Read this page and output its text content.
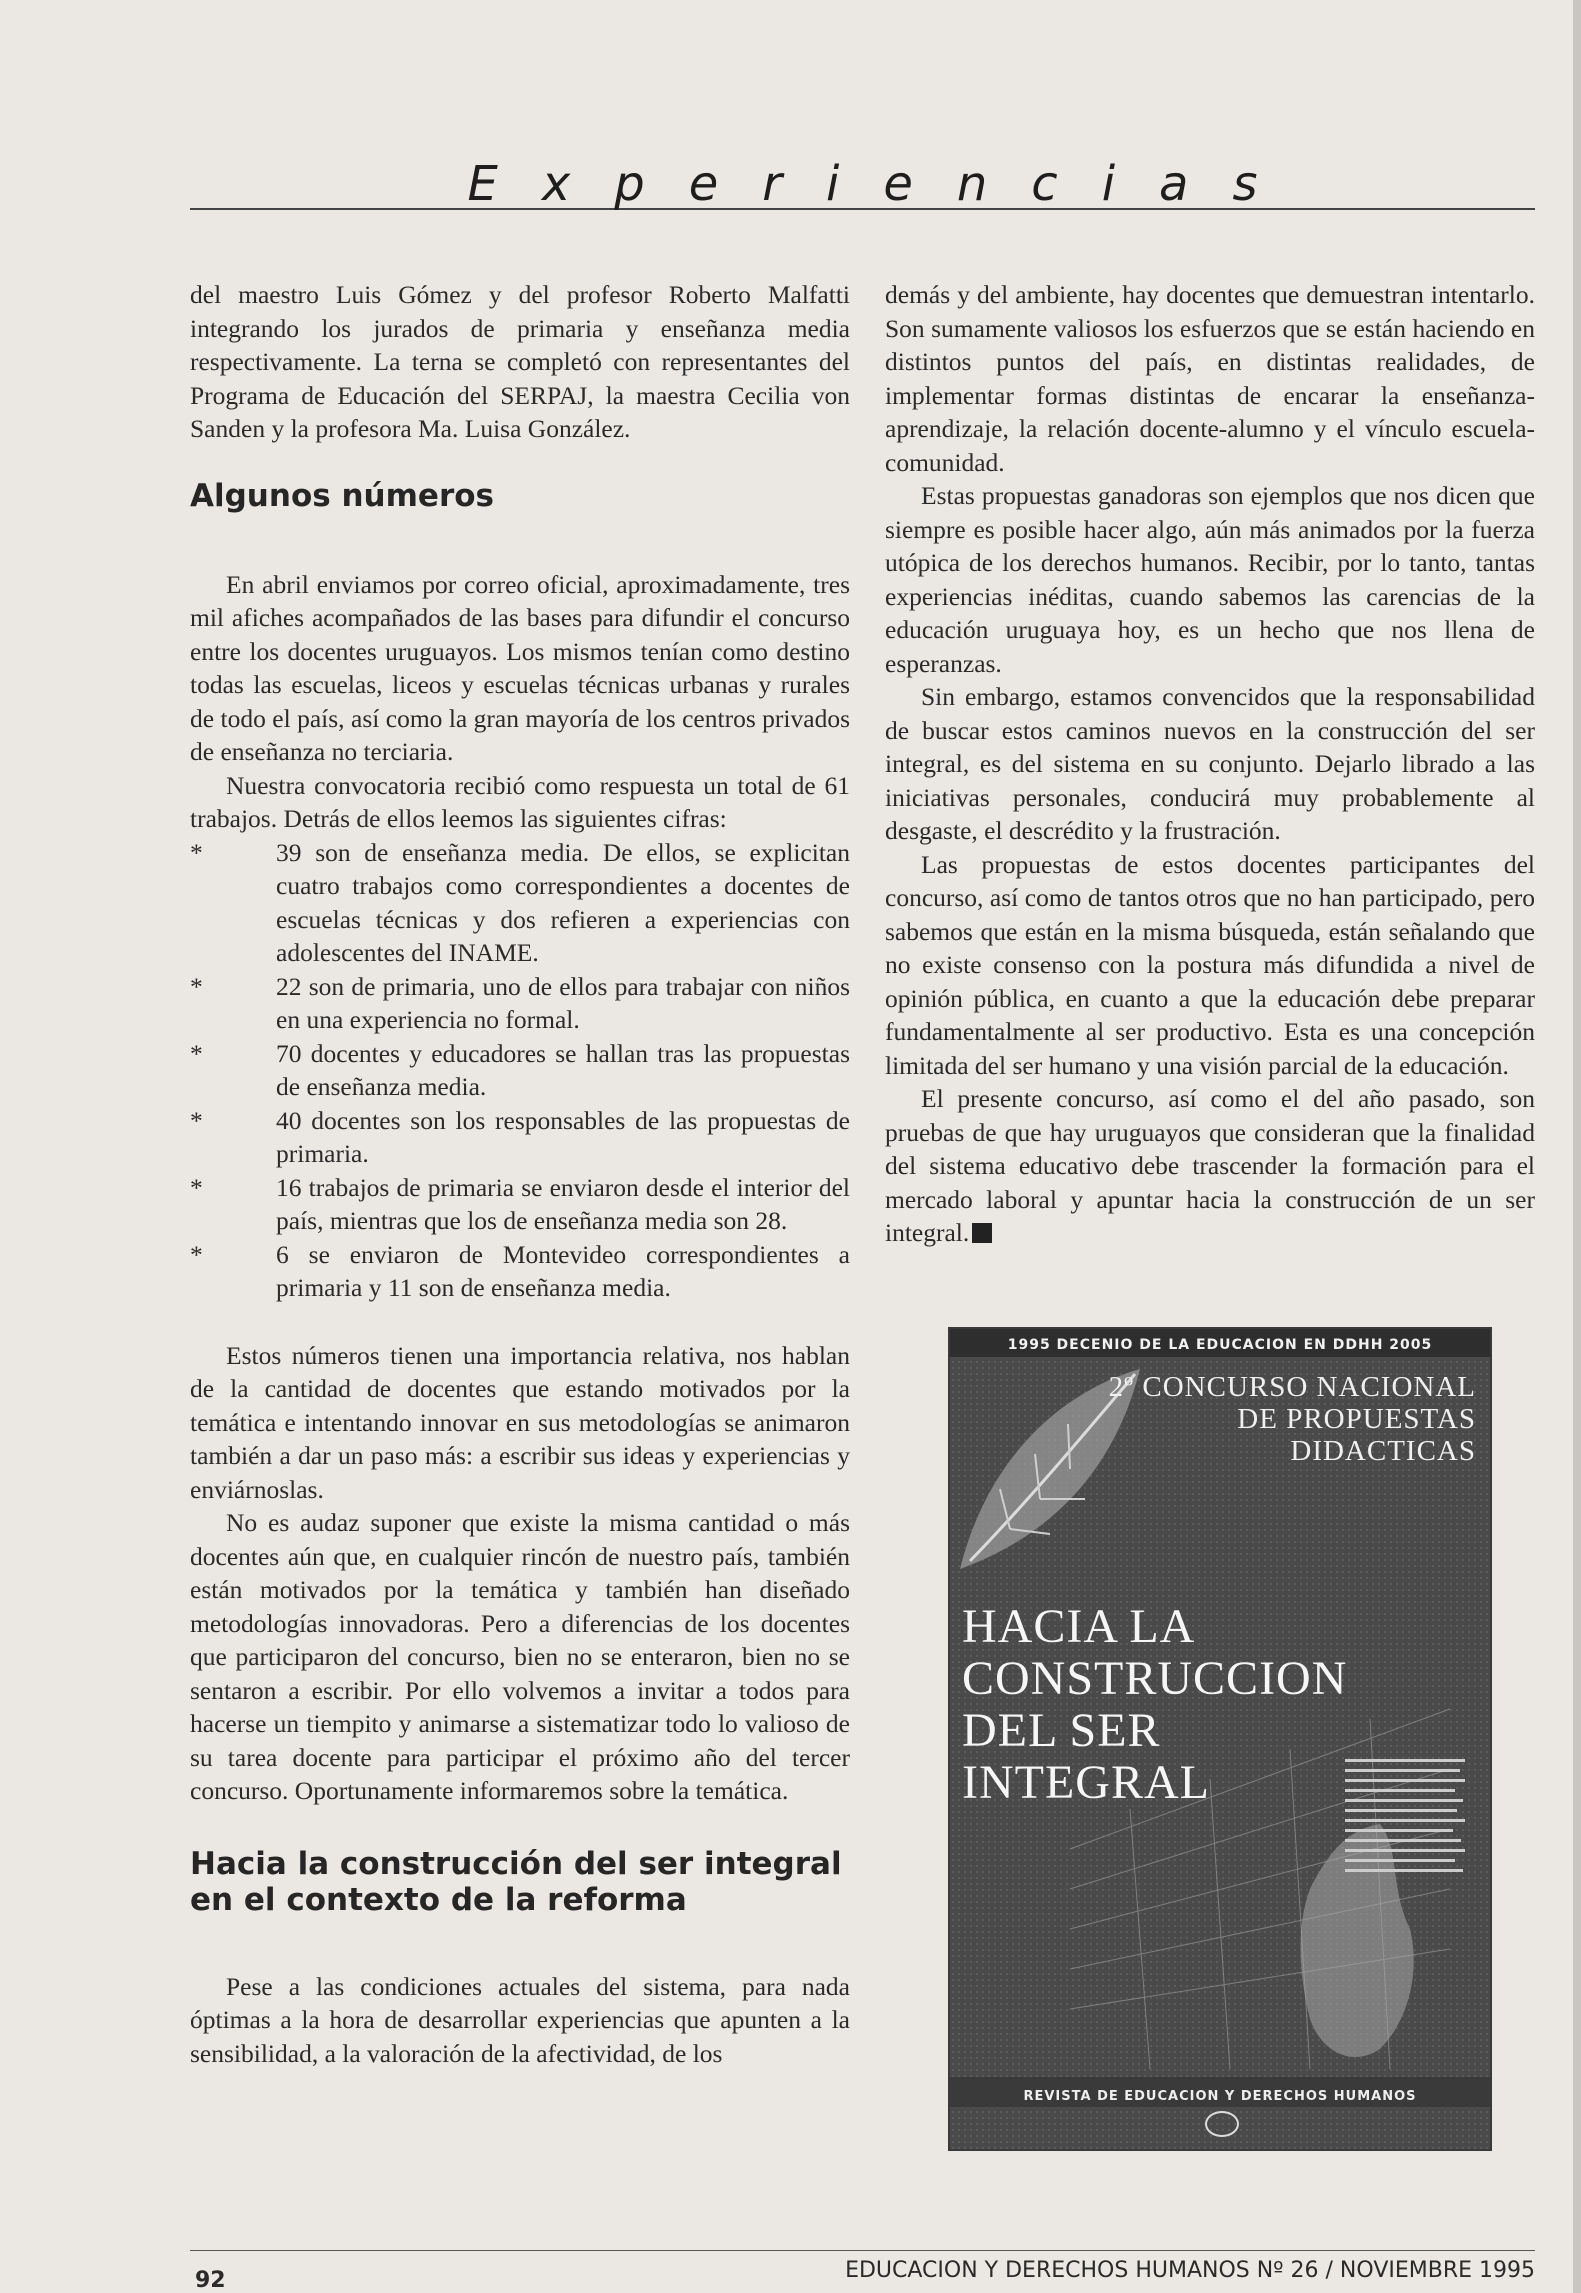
Experiencias

del maestro Luis Gómez y del profesor Roberto Malfatti integrando los jurados de primaria y enseñanza media respectivamente. La terna se completó con representantes del Programa de Educación del SERPAJ, la maestra Cecilia von Sanden y la profesora Ma. Luisa González.

Algunos números

En abril enviamos por correo oficial, aproximadamente, tres mil afiches acompañados de las bases para difundir el concurso entre los docentes uruguayos. Los mismos tenían como destino todas las escuelas, liceos y escuelas técnicas urbanas y rurales de todo el país, así como la gran mayoría de los centros privados de enseñanza no terciaria.

Nuestra convocatoria recibió como respuesta un total de 61 trabajos. Detrás de ellos leemos las siguientes cifras:

*	39 son de enseñanza media. De ellos, se explicitan cuatro trabajos como correspondientes a docentes de escuelas técnicas y dos refieren a experiencias con adolescentes del INAME.
*	22 son de primaria, uno de ellos para trabajar con niños en una experiencia no formal.
*	70 docentes y educadores se hallan tras las propuestas de enseñanza media.
*	40 docentes son los responsables de las propuestas de primaria.
*	16 trabajos de primaria se enviaron desde el interior del país, mientras que los de enseñanza media son 28.
*	6 se enviaron de Montevideo correspondientes a primaria y 11 son de enseñanza media.

Estos números tienen una importancia relativa, nos hablan de la cantidad de docentes que estando motivados por la temática e intentando innovar en sus metodologías se animaron también a dar un paso más: a escribir sus ideas y experiencias y enviárnoslas.

No es audaz suponer que existe la misma cantidad o más docentes aún que, en cualquier rincón de nuestro país, también están motivados por la temática y también han diseñado metodologías innovadoras. Pero a diferencias de los docentes que participaron del concurso, bien no se enteraron, bien no se sentaron a escribir. Por ello volvemos a invitar a todos para hacerse un tiempito y animarse a sistematizar todo lo valioso de su tarea docente para participar el próximo año del tercer concurso. Oportunamente informaremos sobre la temática.

Hacia la construcción del ser integral en el contexto de la reforma

Pese a las condiciones actuales del sistema, para nada óptimas a la hora de desarrollar experiencias que apunten a la sensibilidad, a la valoración de la afectividad, de los

demás y del ambiente, hay docentes que demuestran intentarlo. Son sumamente valiosos los esfuerzos que se están haciendo en distintos puntos del país, en distintas realidades, de implementar formas distintas de encarar la enseñanza-aprendizaje, la relación docente-alumno y el vínculo escuela-comunidad.

Estas propuestas ganadoras son ejemplos que nos dicen que siempre es posible hacer algo, aún más animados por la fuerza utópica de los derechos humanos. Recibir, por lo tanto, tantas experiencias inéditas, cuando sabemos las carencias de la educación uruguaya hoy, es un hecho que nos llena de esperanzas.

Sin embargo, estamos convencidos que la responsabilidad de buscar estos caminos nuevos en la construcción del ser integral, es del sistema en su conjunto. Dejarlo librado a las iniciativas personales, conducirá muy probablemente al desgaste, el descrédito y la frustración.

Las propuestas de estos docentes participantes del concurso, así como de tantos otros que no han participado, pero sabemos que están en la misma búsqueda, están señalando que no existe consenso con la postura más difundida a nivel de opinión pública, en cuanto a que la educación debe preparar fundamentalmente al ser productivo. Esta es una concepción limitada del ser humano y una visión parcial de la educación.

El presente concurso, así como el del año pasado, son pruebas de que hay uruguayos que consideran que la finalidad del sistema educativo debe trascender la formación para el mercado laboral y apuntar hacia la construcción de un ser integral.

1995 DECENIO DE LA EDUCACION EN DDHH 2005
2º CONCURSO NACIONAL
DE PROPUESTAS
DIDACTICAS
HACIA LA
CONSTRUCCION
DEL SER
INTEGRAL
REVISTA DE EDUCACION Y DERECHOS HUMANOS
92	EDUCACION Y DERECHOS HUMANOS Nº 26 / NOVIEMBRE 1995
